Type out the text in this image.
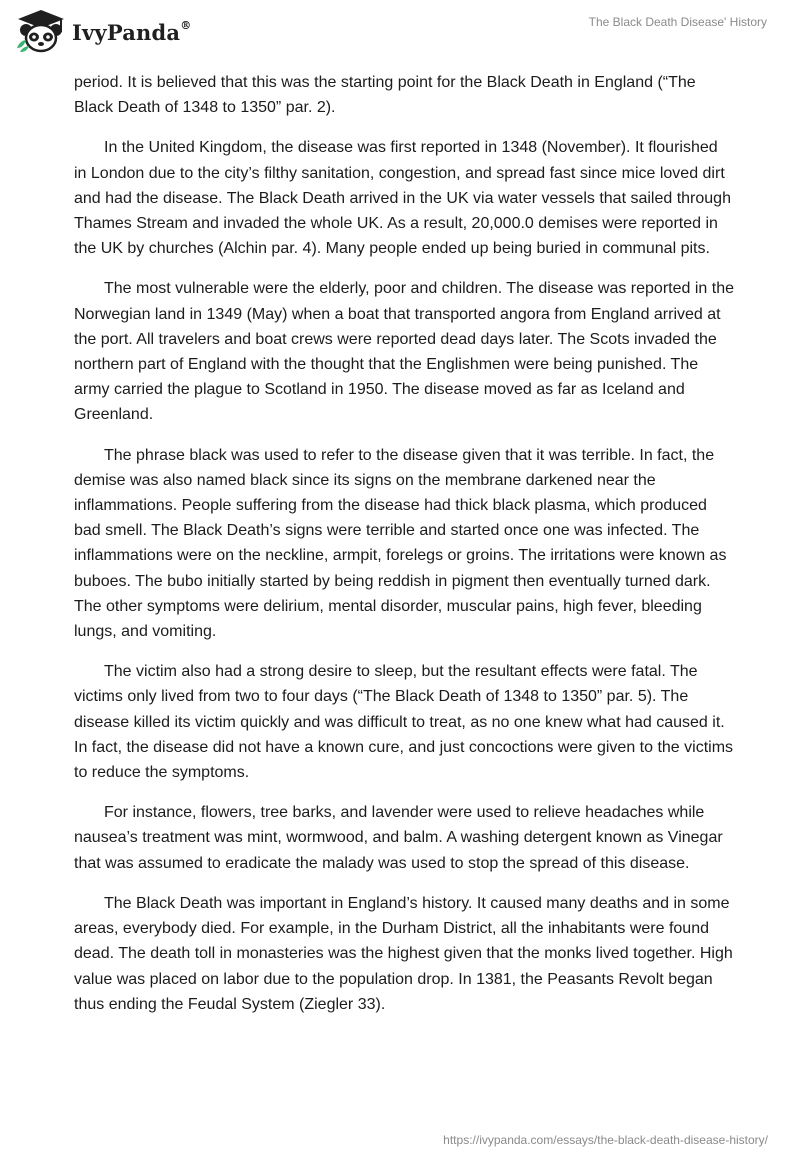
IvyPanda®	The Black Death Disease' History

period. It is believed that this was the starting point for the Black Death in England (“The Black Death of 1348 to 1350” par. 2).

In the United Kingdom, the disease was first reported in 1348 (November). It flourished in London due to the city’s filthy sanitation, congestion, and spread fast since mice loved dirt and had the disease. The Black Death arrived in the UK via water vessels that sailed through Thames Stream and invaded the whole UK. As a result, 20,000.0 demises were reported in the UK by churches (Alchin par. 4). Many people ended up being buried in communal pits.

The most vulnerable were the elderly, poor and children. The disease was reported in the Norwegian land in 1349 (May) when a boat that transported angora from England arrived at the port. All travelers and boat crews were reported dead days later. The Scots invaded the northern part of England with the thought that the Englishmen were being punished. The army carried the plague to Scotland in 1950. The disease moved as far as Iceland and Greenland.

The phrase black was used to refer to the disease given that it was terrible. In fact, the demise was also named black since its signs on the membrane darkened near the inflammations. People suffering from the disease had thick black plasma, which produced bad smell. The Black Death’s signs were terrible and started once one was infected. The inflammations were on the neckline, armpit, forelegs or groins. The irritations were known as buboes. The bubo initially started by being reddish in pigment then eventually turned dark. The other symptoms were delirium, mental disorder, muscular pains, high fever, bleeding lungs, and vomiting.

The victim also had a strong desire to sleep, but the resultant effects were fatal. The victims only lived from two to four days (“The Black Death of 1348 to 1350” par. 5). The disease killed its victim quickly and was difficult to treat, as no one knew what had caused it. In fact, the disease did not have a known cure, and just concoctions were given to the victims to reduce the symptoms.

For instance, flowers, tree barks, and lavender were used to relieve headaches while nausea’s treatment was mint, wormwood, and balm. A washing detergent known as Vinegar that was assumed to eradicate the malady was used to stop the spread of this disease.

The Black Death was important in England’s history. It caused many deaths and in some areas, everybody died. For example, in the Durham District, all the inhabitants were found dead. The death toll in monasteries was the highest given that the monks lived together. High value was placed on labor due to the population drop. In 1381, the Peasants Revolt began thus ending the Feudal System (Ziegler 33).

https://ivypanda.com/essays/the-black-death-disease-history/
